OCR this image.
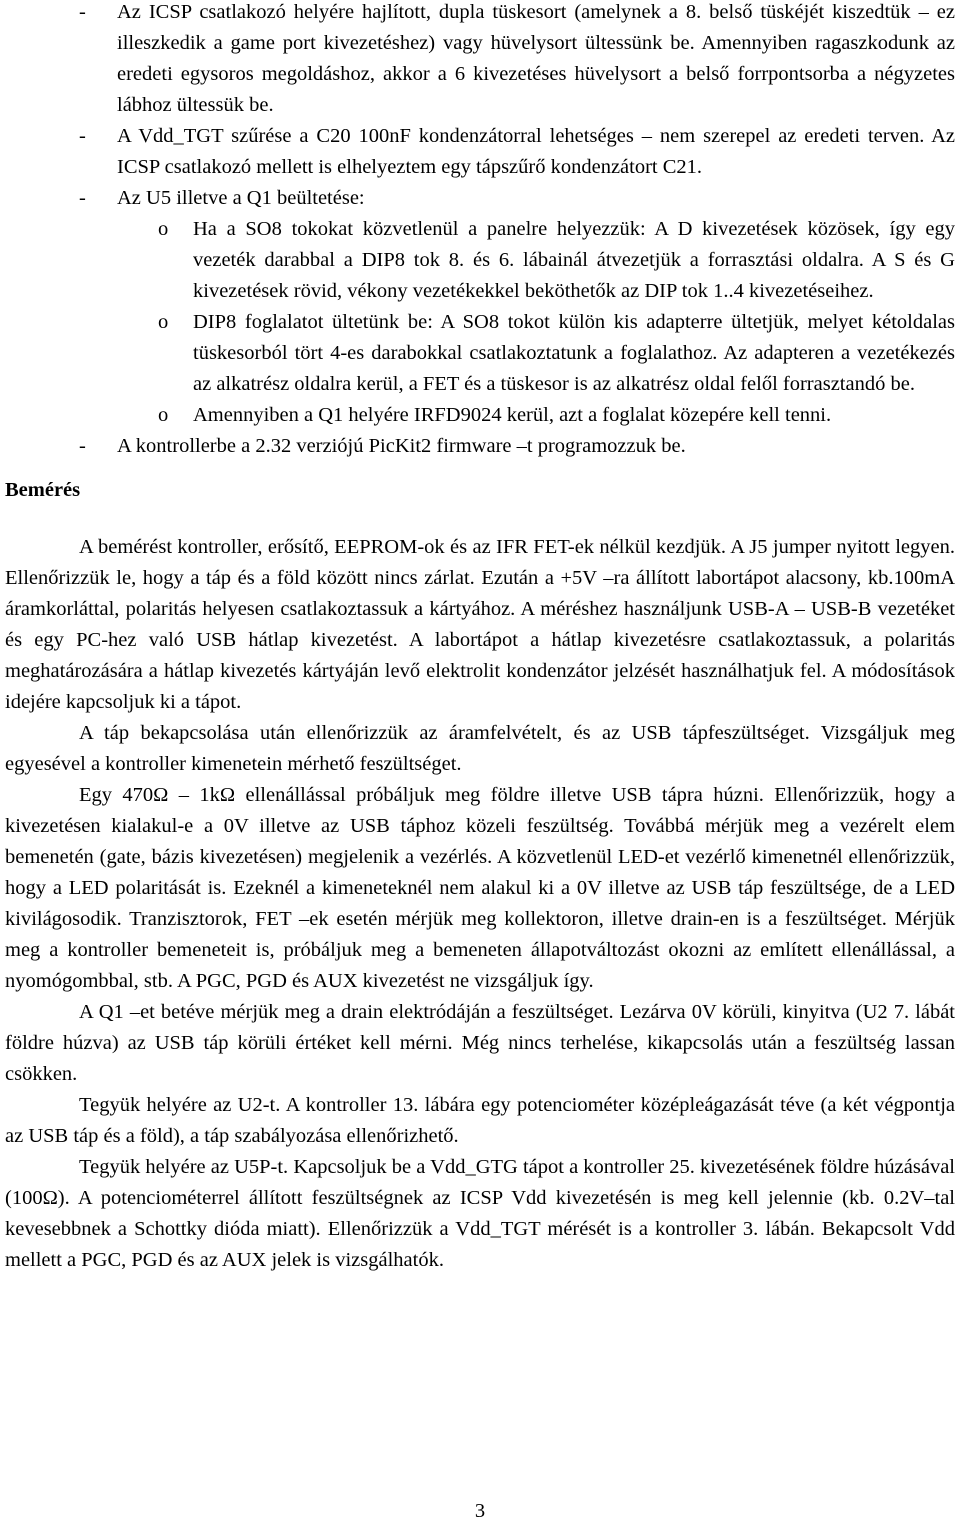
- Az ICSP csatlakozó helyére hajlított, dupla tüskesort (amelynek a 8. belső tüskéjét kiszedtük – ez illeszkedik a game port kivezetéshez) vagy hüvelysort ültessünk be. Amennyiben ragaszkodunk az eredeti egysoros megoldáshoz, akkor a 6 kivezetéses hüvelysort a belső forrpontsorba a négyzetes lábhoz ültessük be.
- A Vdd_TGT szűrése a C20 100nF kondenzátorral lehetséges – nem szerepel az eredeti terven. Az ICSP csatlakozó mellett is elhelyeztem egy tápszűrő kondenzátort C21.
- Az U5 illetve a Q1 beültetése:
o Ha a SO8 tokokat közvetlenül a panelre helyezzük: A D kivezetések közösek, így egy vezeték darabbal a DIP8 tok 8. és 6. lábainál átvezetjük a forrasztási oldalra. A S és G kivezetések rövid, vékony vezetékekkel beköthetők az DIP tok 1..4 kivezetéseihez.
o DIP8 foglalatot ültetünk be: A SO8 tokot külön kis adapterre ültetjük, melyet kétoldalas tüskesorból tört 4-es darabokkal csatlakoztatunk a foglalathoz. Az adapteren a vezetékezés az alkatrész oldalra kerül, a FET és a tüskesor is az alkatrész oldal felől forrasztandó be.
o Amennyiben a Q1 helyére IRFD9024 kerül, azt a foglalat közepére kell tenni.
- A kontrollerbe a 2.32 verziójú PicKit2 firmware –t programozzuk be.
Bemérés
A bemérést kontroller, erősítő, EEPROM-ok és az IFR FET-ek nélkül kezdjük. A J5 jumper nyitott legyen. Ellenőrizzük le, hogy a táp és a föld között nincs zárlat. Ezután a +5V –ra állított labortápot alacsony, kb.100mA áramkorláttal, polaritás helyesen csatlakoztassuk a kártyához. A méréshez használjunk USB-A – USB-B vezetéket és egy PC-hez való USB hátlap kivezetést. A labortápot a hátlap kivezetésre csatlakoztassuk, a polaritás meghatározására a hátlap kivezetés kártyáján levő elektrolit kondenzátor jelzését használhatjuk fel. A módosítások idejére kapcsoljuk ki a tápot.
A táp bekapcsolása után ellenőrizzük az áramfelvételt, és az USB tápfeszültséget. Vizsgáljuk meg egyesével a kontroller kimenetein mérhető feszültséget.
Egy 470Ω – 1kΩ ellenállással próbáljuk meg földre illetve USB tápra húzni. Ellenőrizzük, hogy a kivezetésen kialakul-e a 0V illetve az USB táphoz közeli feszültség. Továbbá mérjük meg a vezérelt elem bemenetén (gate, bázis kivezetésen) megjelenik a vezérlés. A közvetlenül LED-et vezérlő kimenetnél ellenőrizzük, hogy a LED polaritását is. Ezeknél a kimeneteknél nem alakul ki a 0V illetve az USB táp feszültsége, de a LED kivilágosodik. Tranzisztorok, FET –ek esetén mérjük meg kollektoron, illetve drain-en is a feszültséget. Mérjük meg a kontroller bemeneteit is, próbáljuk meg a bemeneten állapotváltozást okozni az említett ellenállással, a nyomógombbal, stb. A PGC, PGD és AUX kivezetést ne vizsgáljuk így.
A Q1 –et betéve mérjük meg a drain elektródáján a feszültséget. Lezárva 0V körüli, kinyitva (U2 7. lábát földre húzva) az USB táp körüli értéket kell mérni. Még nincs terhelése, kikapcsolás után a feszültség lassan csökken.
Tegyük helyére az U2-t. A kontroller 13. lábára egy potenciométer középleágazását téve (a két végpontja az USB táp és a föld), a táp szabályozása ellenőrizhető.
Tegyük helyére az U5P-t. Kapcsoljuk be a Vdd_GTG tápot a kontroller 25. kivezetésének földre húzásával (100Ω). A potenciométerrel állított feszültségnek az ICSP Vdd kivezetésén is meg kell jelennie (kb. 0.2V–tal kevesebbnek a Schottky dióda miatt). Ellenőrizzük a Vdd_TGT mérését is a kontroller 3. lábán. Bekapcsolt Vdd mellett a PGC, PGD és az AUX jelek is vizsgálhatók.
3
